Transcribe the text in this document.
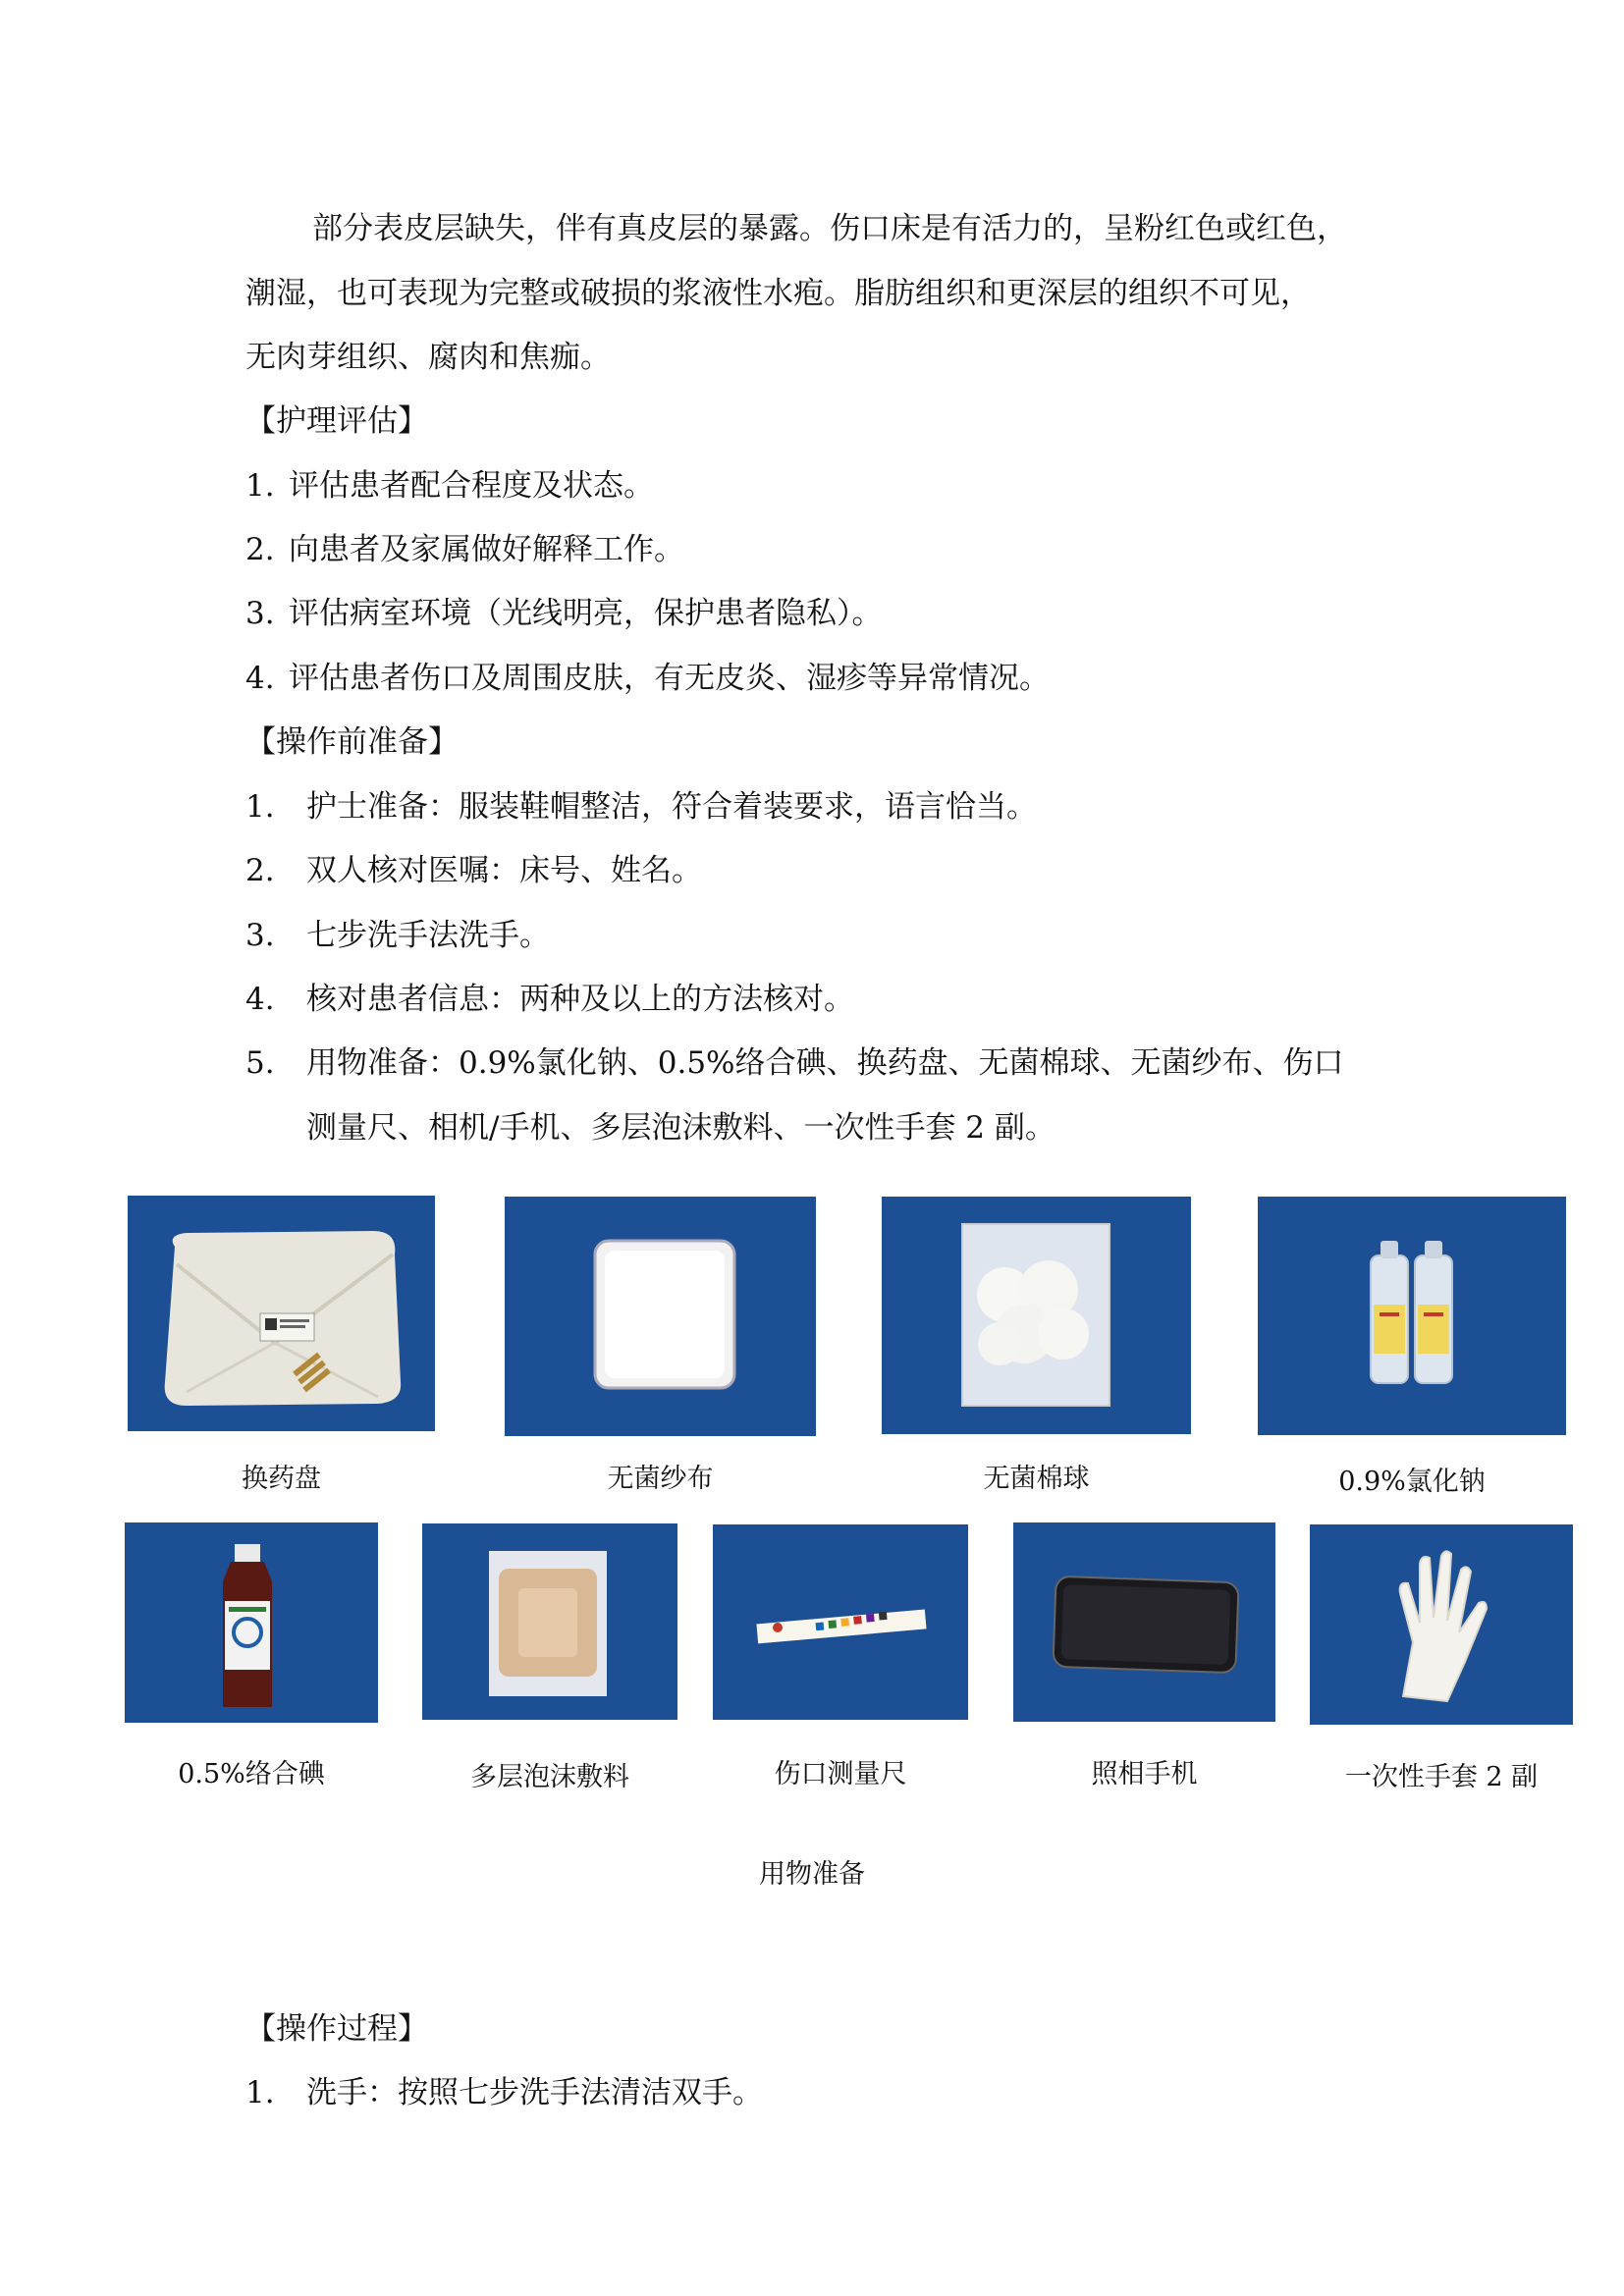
部分表皮层缺失，伴有真皮层的暴露。伤口床是有活力的，呈粉红色或红色，
潮湿，也可表现为完整或破损的浆液性水疱。脂肪组织和更深层的组织不可见，
无肉芽组织、腐肉和焦痂。
【护理评估】
1. 评估患者配合程度及状态。
2. 向患者及家属做好解释工作。
3. 评估病室环境（光线明亮，保护患者隐私）。
4. 评估患者伤口及周围皮肤，有无皮炎、湿疹等异常情况。
【操作前准备】
1. 护士准备：服装鞋帽整洁，符合着装要求，语言恰当。
2. 双人核对医嘱：床号、姓名。
3. 七步洗手法洗手。
4. 核对患者信息：两种及以上的方法核对。
5. 用物准备：0.9%氯化钠、0.5%络合碘、换药盘、无菌棉球、无菌纱布、伤口
测量尺、相机/手机、多层泡沫敷料、一次性手套 2 副。
换药盘	无菌纱布	无菌棉球	0.9%氯化钠
0.5%络合碘	多层泡沫敷料	伤口测量尺	照相手机	一次性手套 2 副
用物准备
【操作过程】
1. 洗手：按照七步洗手法清洁双手。
